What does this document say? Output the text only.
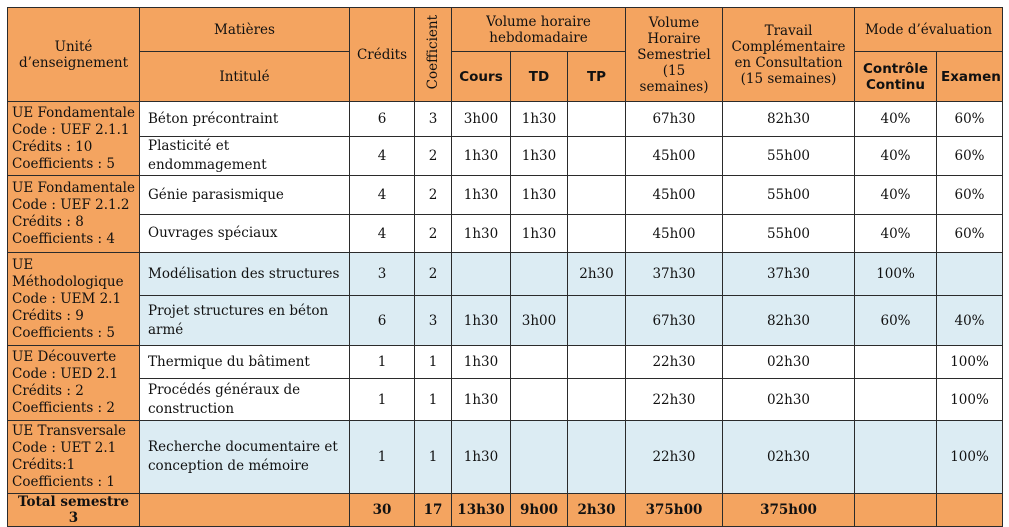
Unité d’enseignement	Matières	Crédits	Coefficient	Volume horaire hebdomadaire			Volume Horaire Semestriel (15 semaines)	Travail Complémentaire en Consultation (15 semaines)	Mode d’évaluation	
	Intitulé			Cours	TD	TP			Contrôle Continu	Examen

UE Fondamentale
Code : UEF 2.1.1
Crédits : 10
Coefficients : 5	Béton précontraint	6	3	3h00	1h30		67h30	82h30	40%	60%
	Plasticité et endommagement	4	2	1h30	1h30		45h00	55h00	40%	60%

UE Fondamentale
Code : UEF 2.1.2
Crédits : 8
Coefficients : 4	Génie parasismique	4	2	1h30	1h30		45h00	55h00	40%	60%
	Ouvrages spéciaux	4	2	1h30	1h30		45h00	55h00	40%	60%

UE
Méthodologique
Code : UEM 2.1
Crédits : 9
Coefficients : 5	Modélisation des structures	3	2			2h30	37h30	37h30	100%	
	Projet structures en béton armé	6	3	1h30	3h00		67h30	82h30	60%	40%

UE Découverte
Code : UED 2.1
Crédits : 2
Coefficients : 2	Thermique du bâtiment	1	1	1h30			22h30	02h30		100%
	Procédés généraux de construction	1	1	1h30			22h30	02h30		100%

UE Transversale
Code : UET 2.1
Crédits:1
Coefficients : 1	Recherche documentaire et conception de mémoire	1	1	1h30			22h30	02h30		100%
Total semestre 3		30	17	13h30	9h00	2h30	375h00	375h00		
